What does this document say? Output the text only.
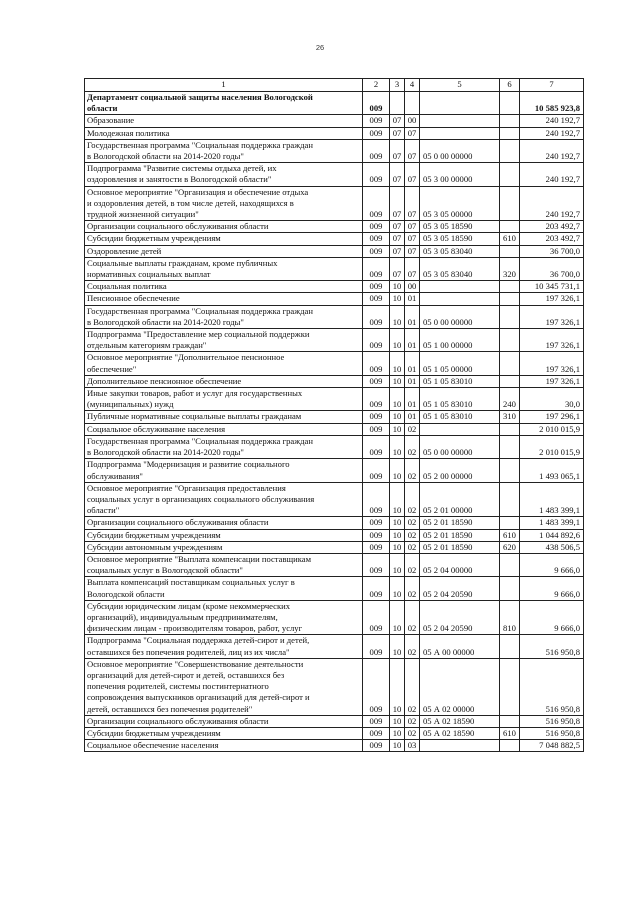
26
1	2	3	4	5	6	7
Департамент социальной защиты населения Вологодской
области	009					10 585 923,8
Образование	009	07	00			240 192,7
Молодежная политика	009	07	07			240 192,7
Государственная программа "Социальная поддержка граждан
в Вологодской области на 2014-2020 годы"	009	07	07	05 0 00 00000		240 192,7
Подпрограмма "Развитие системы отдыха детей, их
оздоровления и занятости в Вологодской области"	009	07	07	05 3 00 00000		240 192,7
Основное мероприятие "Организация и обеспечение отдыха
и оздоровления детей, в том числе детей, находящихся в
трудной жизненной ситуации"	009	07	07	05 3 05 00000		240 192,7
Организации социального обслуживания области	009	07	07	05 3 05 18590		203 492,7
Субсидии бюджетным учреждениям	009	07	07	05 3 05 18590	610	203 492,7
Оздоровление детей	009	07	07	05 3 05 83040		36 700,0
Социальные выплаты гражданам, кроме публичных
нормативных социальных выплат	009	07	07	05 3 05 83040	320	36 700,0
Социальная политика	009	10	00			10 345 731,1
Пенсионное обеспечение	009	10	01			197 326,1
Государственная программа "Социальная поддержка граждан
в Вологодской области на 2014-2020 годы"	009	10	01	05 0 00 00000		197 326,1
Подпрограмма "Предоставление мер социальной поддержки
отдельным категориям граждан"	009	10	01	05 1 00 00000		197 326,1
Основное мероприятие "Дополнительное пенсионное
обеспечение"	009	10	01	05 1 05 00000		197 326,1
Дополнительное пенсионное обеспечение	009	10	01	05 1 05 83010		197 326,1
Иные закупки товаров, работ и услуг для государственных
(муниципальных) нужд	009	10	01	05 1 05 83010	240	30,0
Публичные нормативные социальные выплаты гражданам	009	10	01	05 1 05 83010	310	197 296,1
Социальное обслуживание населения	009	10	02			2 010 015,9
Государственная программа "Социальная поддержка граждан
в Вологодской области на 2014-2020 годы"	009	10	02	05 0 00 00000		2 010 015,9
Подпрограмма "Модернизация и развитие социального
обслуживания"	009	10	02	05 2 00 00000		1 493 065,1
Основное мероприятие "Организация предоставления
социальных услуг в организациях социального обслуживания
области"	009	10	02	05 2 01 00000		1 483 399,1
Организации социального обслуживания области	009	10	02	05 2 01 18590		1 483 399,1
Субсидии бюджетным учреждениям	009	10	02	05 2 01 18590	610	1 044 892,6
Субсидии автономным учреждениям	009	10	02	05 2 01 18590	620	438 506,5
Основное мероприятие "Выплата компенсации поставщикам
социальных услуг в Вологодской области"	009	10	02	05 2 04 00000		9 666,0
Выплата компенсаций поставщикам социальных услуг в
Вологодской области	009	10	02	05 2 04 20590		9 666,0
Субсидии юридическим лицам (кроме некоммерческих
организаций), индивидуальным предпринимателям,
физическим лицам - производителям товаров, работ, услуг	009	10	02	05 2 04 20590	810	9 666,0
Подпрограмма "Социальная поддержка детей-сирот и детей,
оставшихся без попечения родителей, лиц из их числа"	009	10	02	05 А 00 00000		516 950,8
Основное мероприятие "Совершенствование деятельности
организаций для детей-сирот и детей, оставшихся без
попечения родителей, системы постинтернатного
сопровождения выпускников организаций для детей-сирот и
детей, оставшихся без попечения родителей"	009	10	02	05 А 02 00000		516 950,8
Организации социального обслуживания области	009	10	02	05 А 02 18590		516 950,8
Субсидии бюджетным учреждениям	009	10	02	05 А 02 18590	610	516 950,8
Социальное обеспечение населения	009	10	03			7 048 882,5
